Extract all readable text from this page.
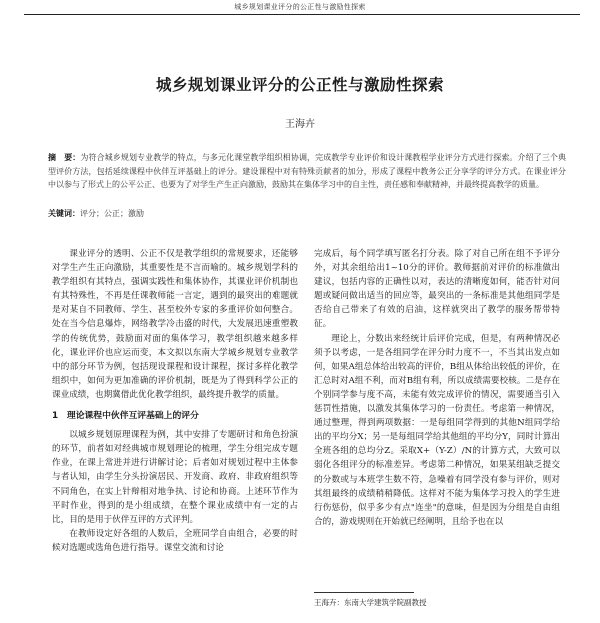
城乡规划课业评分的公正性与激励性探索
城乡规划课业评分的公正性与激励性探索
王海卉
摘　要：为符合城乡规划专业教学的特点，与多元化课堂教学组织相协调，完成教学专业评价和设计课教程学业评分方式进行探索。介绍了三个典型评价方法，包括延续课程中伙伴互评基础上的评分。建设课程中对有特殊贡献者的加分，形成了课程中教务公正分享学的评分方式。在课业评分中以参与了形式上的公平公正、也要为了对学生产生正向激励，鼓励其在集体学习中的自主性，责任感和奉献精神，并最终提高教学的质量。
关键词：评分；公正；激励

课业评分的透明、公正不仅是教学组织的常规要求，还能够对学生产生正向激励，其重要性是不言而喻的。城乡规划学科的教学组织有其特点，强调实践性和集体协作，其课业评价机制也有其特殊性，不再是任课教师能一言定，遇到的最突出的难题就是对某自不同教师、学生、甚至校外专家的多重评价如何整合。处在当今信息爆炸，网络教学冷击盛的时代，大发展迅速重塑教学的传统优势，鼓励面对面的集体学习，教学组织越来越多样化，课业评价也应运而变，本文拟以东南大学城乡规划专业教学中的部分环节为例，包括现设课程和设计课程，探讨多样化教学组织中，如何为更加准确的评价机制，既是为了得到科学公正的课业成绩，也期冀借此优化教学组织，最终提升教学的质量。

1　理论课程中伙伴互评基础上的评分

以城乡规划原理课程为例，其中安排了专题研讨和角色扮演的环节，前者如对经典城市规划理论的梳理，学生分组完成专题作业，在课上常进并进行讲解讨论；后者如对规划过程中主体参与者认知，由学生分头扮演居民、开发商、政府、非政府组织等不同角色，在实上针辩相对地争执、讨论和协商。上述环节作为平时作业，得到的是小组成绩，在整个课业成绩中有一定的占比，目的是用于伙伴互评的方式评判。

在教师设定好各组的人数后，全班同学自由组合，必要的时候对选题或选角色进行指导。课堂交流和讨论

完成后，每个同学填写匿名打分表。除了对自己所在组不予评分外，对其余组给出1~10分的评价。教师据前对评价的标准做出建议，包括内容的正确性以对，表达的清晰度如何，能否针对问题或疑问做出适当的回应等，最突出的一条标准是其他组同学是否给自己带来了有效的启油，这样就突出了教学的服务帮带特征。

理论上，分数出来经统计后评价完成，但是，有两种情况必须予以考虑，一是各组同学在评分时力度不一，不当其出发点如何，如果A组总体给出较高的评价，B组从体给出较低的评价，在汇总时对A组不利，而对B组有利，所以成绩需要校核。二是存在个别同学参与度不高，未能有效完成评价的情况，需要通当引入惩罚性措施，以激发其集体学习的一份责任。考虑第一种情况，通过整理，得到两项数据：一是每组同学得到的其他N组同学给出的平均分X；另一是每组同学给其他组的平均分Y，同时计算出全班各组的总均分Z。采取X+（Y-Z）/N的计算方式，大致可以弱化各组评分的标准差异。考虑第二种情况，如果某组缺乏提交的分数或与本班学生数不符，急噪着有同学没有参与评价，则对其组最终的成绩稍稍降低。这样对不能为集体学习投入的学生进行伤惩份，似乎多少有点"连坐"的意味，但是因为分组是自由组合的，游戏规则在开始就已经阐明，且给予也在以

王海卉：东南大学建筑学院副教授
